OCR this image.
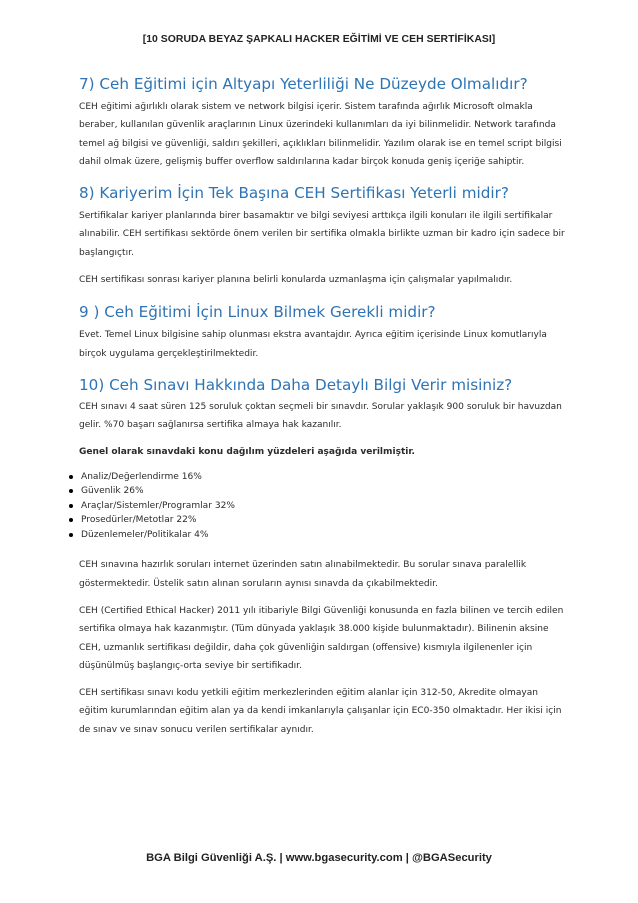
[10 SORUDA BEYAZ ŞAPKALI HACKER EĞİTİMİ VE CEH SERTİFİKASI]
7) Ceh Eğitimi için Altyapı Yeterliliği Ne Düzeyde Olmalıdır?

CEH eğitimi ağırlıklı olarak sistem ve network bilgisi içerir. Sistem tarafında ağırlık Microsoft olmakla beraber, kullanılan güvenlik araçlarının Linux üzerindeki kullanımları da iyi bilinmelidir. Network tarafında temel ağ bilgisi ve güvenliği, saldırı şekilleri, açıklıkları bilinmelidir. Yazılım olarak ise en temel script bilgisi dahil olmak üzere, gelişmiş buffer overflow saldırılarına kadar birçok konuda geniş içeriğe sahiptir.

8) Kariyerim İçin Tek Başına CEH Sertifikası Yeterli midir?

Sertifikalar kariyer planlarında birer basamaktır ve bilgi seviyesi arttıkça ilgili konuları ile ilgili sertifikalar alınabilir. CEH sertifikası sektörde önem verilen bir sertifika olmakla birlikte uzman bir kadro için sadece bir başlangıçtır.

CEH sertifikası sonrası kariyer planına belirli konularda uzmanlaşma için çalışmalar yapılmalıdır.

9 ) Ceh Eğitimi İçin Linux Bilmek Gerekli midir?

Evet. Temel Linux bilgisine sahip olunması ekstra avantajdır. Ayrıca eğitim içerisinde Linux komutlarıyla birçok uygulama gerçekleştirilmektedir.

10) Ceh Sınavı Hakkında Daha Detaylı Bilgi Verir misiniz?

CEH sınavı 4 saat süren 125 soruluk çoktan seçmeli bir sınavdır. Sorular yaklaşık 900 soruluk bir havuzdan gelir. %70 başarı sağlanırsa sertifika almaya hak kazanılır.

Genel olarak sınavdaki konu dağılım yüzdeleri aşağıda verilmiştir.

Analiz/Değerlendirme 16%
Güvenlik 26%
Araçlar/Sistemler/Programlar 32%
Prosedürler/Metotlar 22%
Düzenlemeler/Politikalar 4%

CEH sınavına hazırlık soruları internet üzerinden satın alınabilmektedir. Bu sorular sınava paralellik göstermektedir. Üstelik satın alınan soruların aynısı sınavda da çıkabilmektedir.

CEH (Certified Ethical Hacker) 2011 yılı itibariyle Bilgi Güvenliği konusunda en fazla bilinen ve tercih edilen sertifika olmaya hak kazanmıştır. (Tüm dünyada yaklaşık 38.000 kişide bulunmaktadır). Bilinenin aksine CEH, uzmanlık sertifikası değildir, daha çok güvenliğin saldırgan (offensive) kısmıyla ilgilenenler için düşünülmüş başlangıç-orta seviye bir sertifikadır.

CEH sertifikası sınavı kodu yetkili eğitim merkezlerinden eğitim alanlar için 312-50, Akredite olmayan eğitim kurumlarından eğitim alan ya da kendi imkanlarıyla çalışanlar için EC0-350 olmaktadır. Her ikisi için de sınav ve sınav sonucu verilen sertifikalar aynıdır.

BGA Bilgi Güvenliği A.Ş. | www.bgasecurity.com | @BGASecurity
